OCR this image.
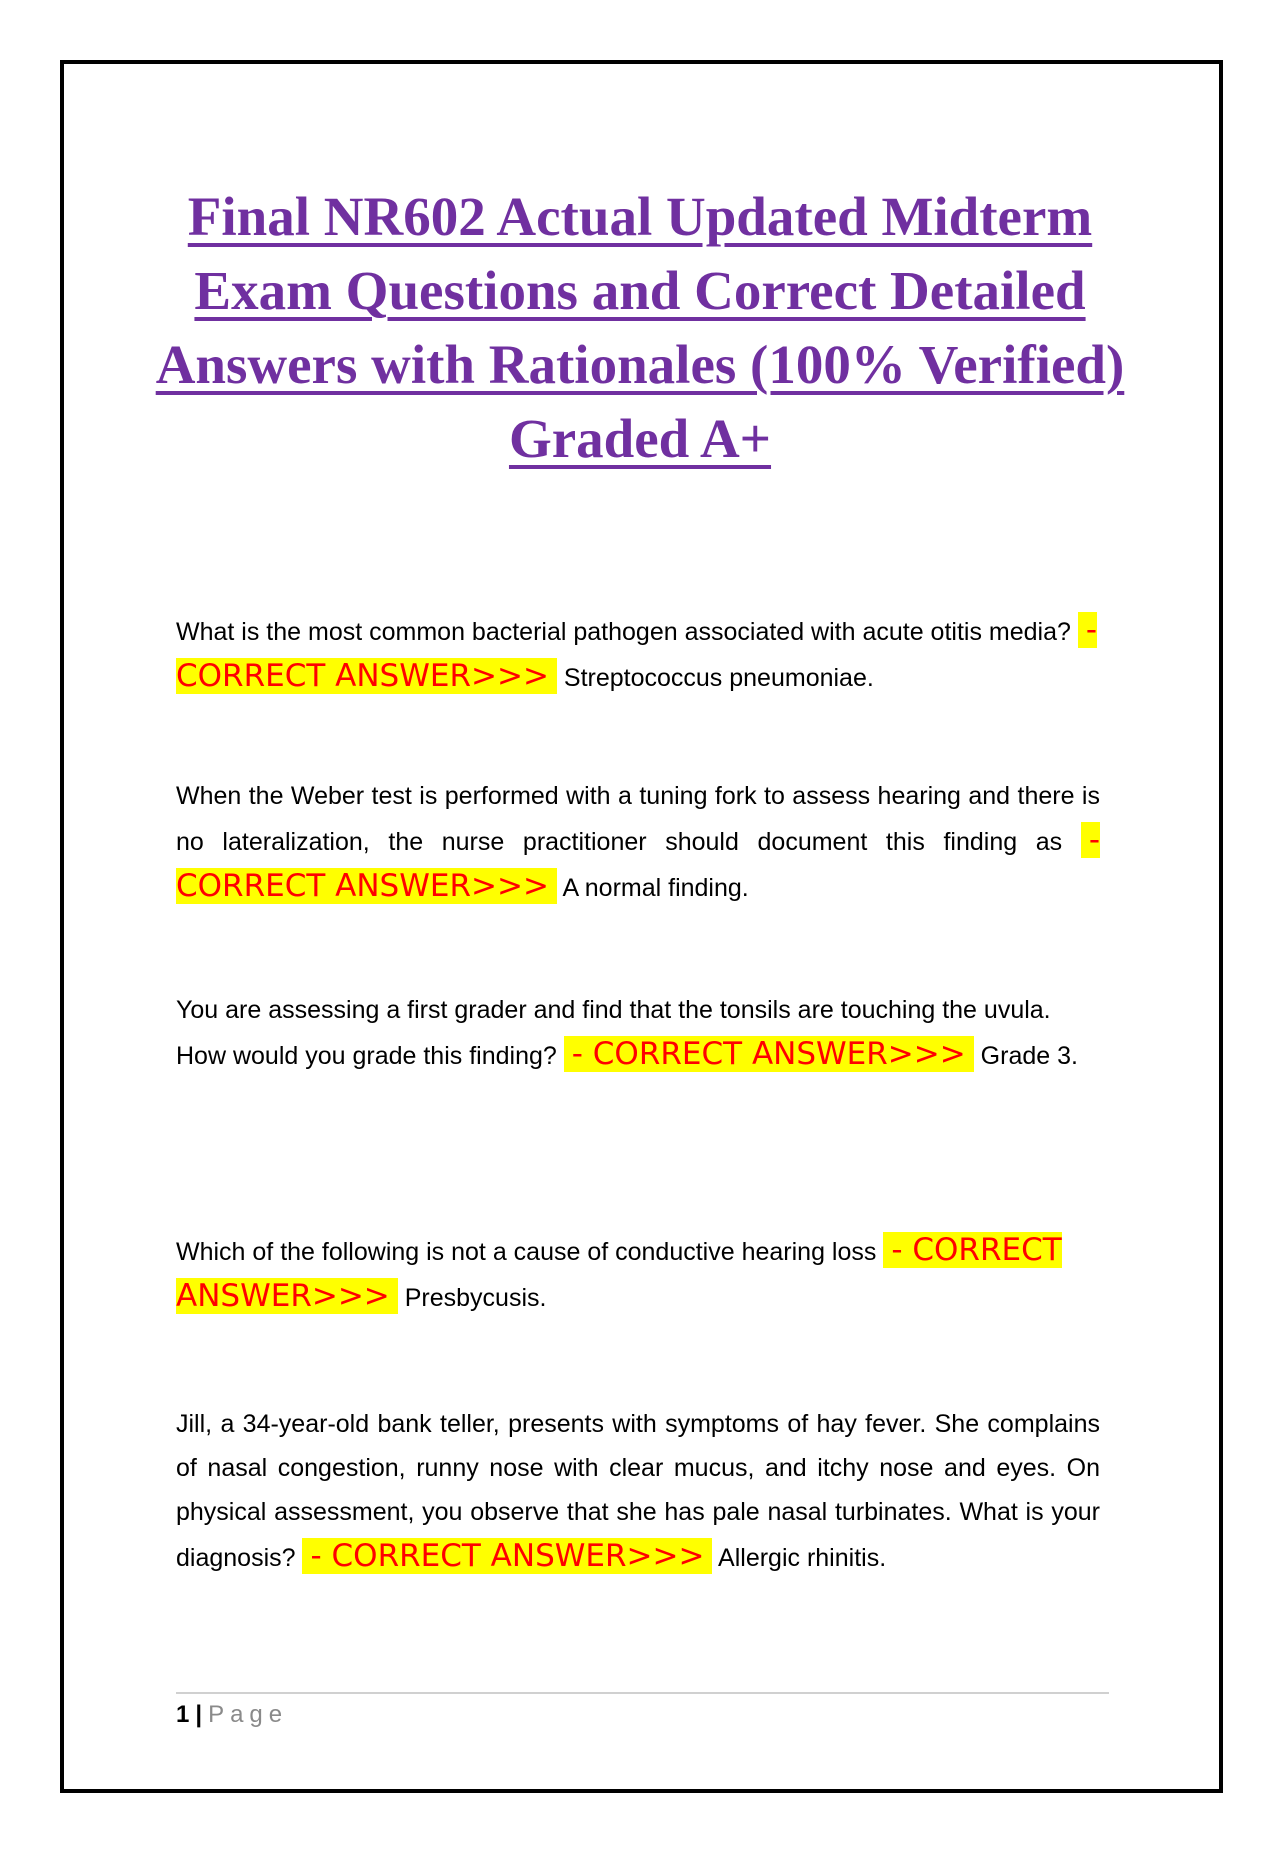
Final NR602 Actual Updated Midterm Exam Questions and Correct Detailed Answers with Rationales (100% Verified) Graded A+

What is the most common bacterial pathogen associated with acute otitis media? - CORRECT ANSWER>>> Streptococcus pneumoniae.

When the Weber test is performed with a tuning fork to assess hearing and there is no lateralization, the nurse practitioner should document this finding as - CORRECT ANSWER>>> A normal finding.

You are assessing a first grader and find that the tonsils are touching the uvula. How would you grade this finding? - CORRECT ANSWER>>> Grade 3.

Which of the following is not a cause of conductive hearing loss - CORRECT ANSWER>>> Presbycusis.

Jill, a 34-year-old bank teller, presents with symptoms of hay fever. She complains of nasal congestion, runny nose with clear mucus, and itchy nose and eyes. On physical assessment, you observe that she has pale nasal turbinates. What is your diagnosis? - CORRECT ANSWER>>> Allergic rhinitis.

1 | Page
